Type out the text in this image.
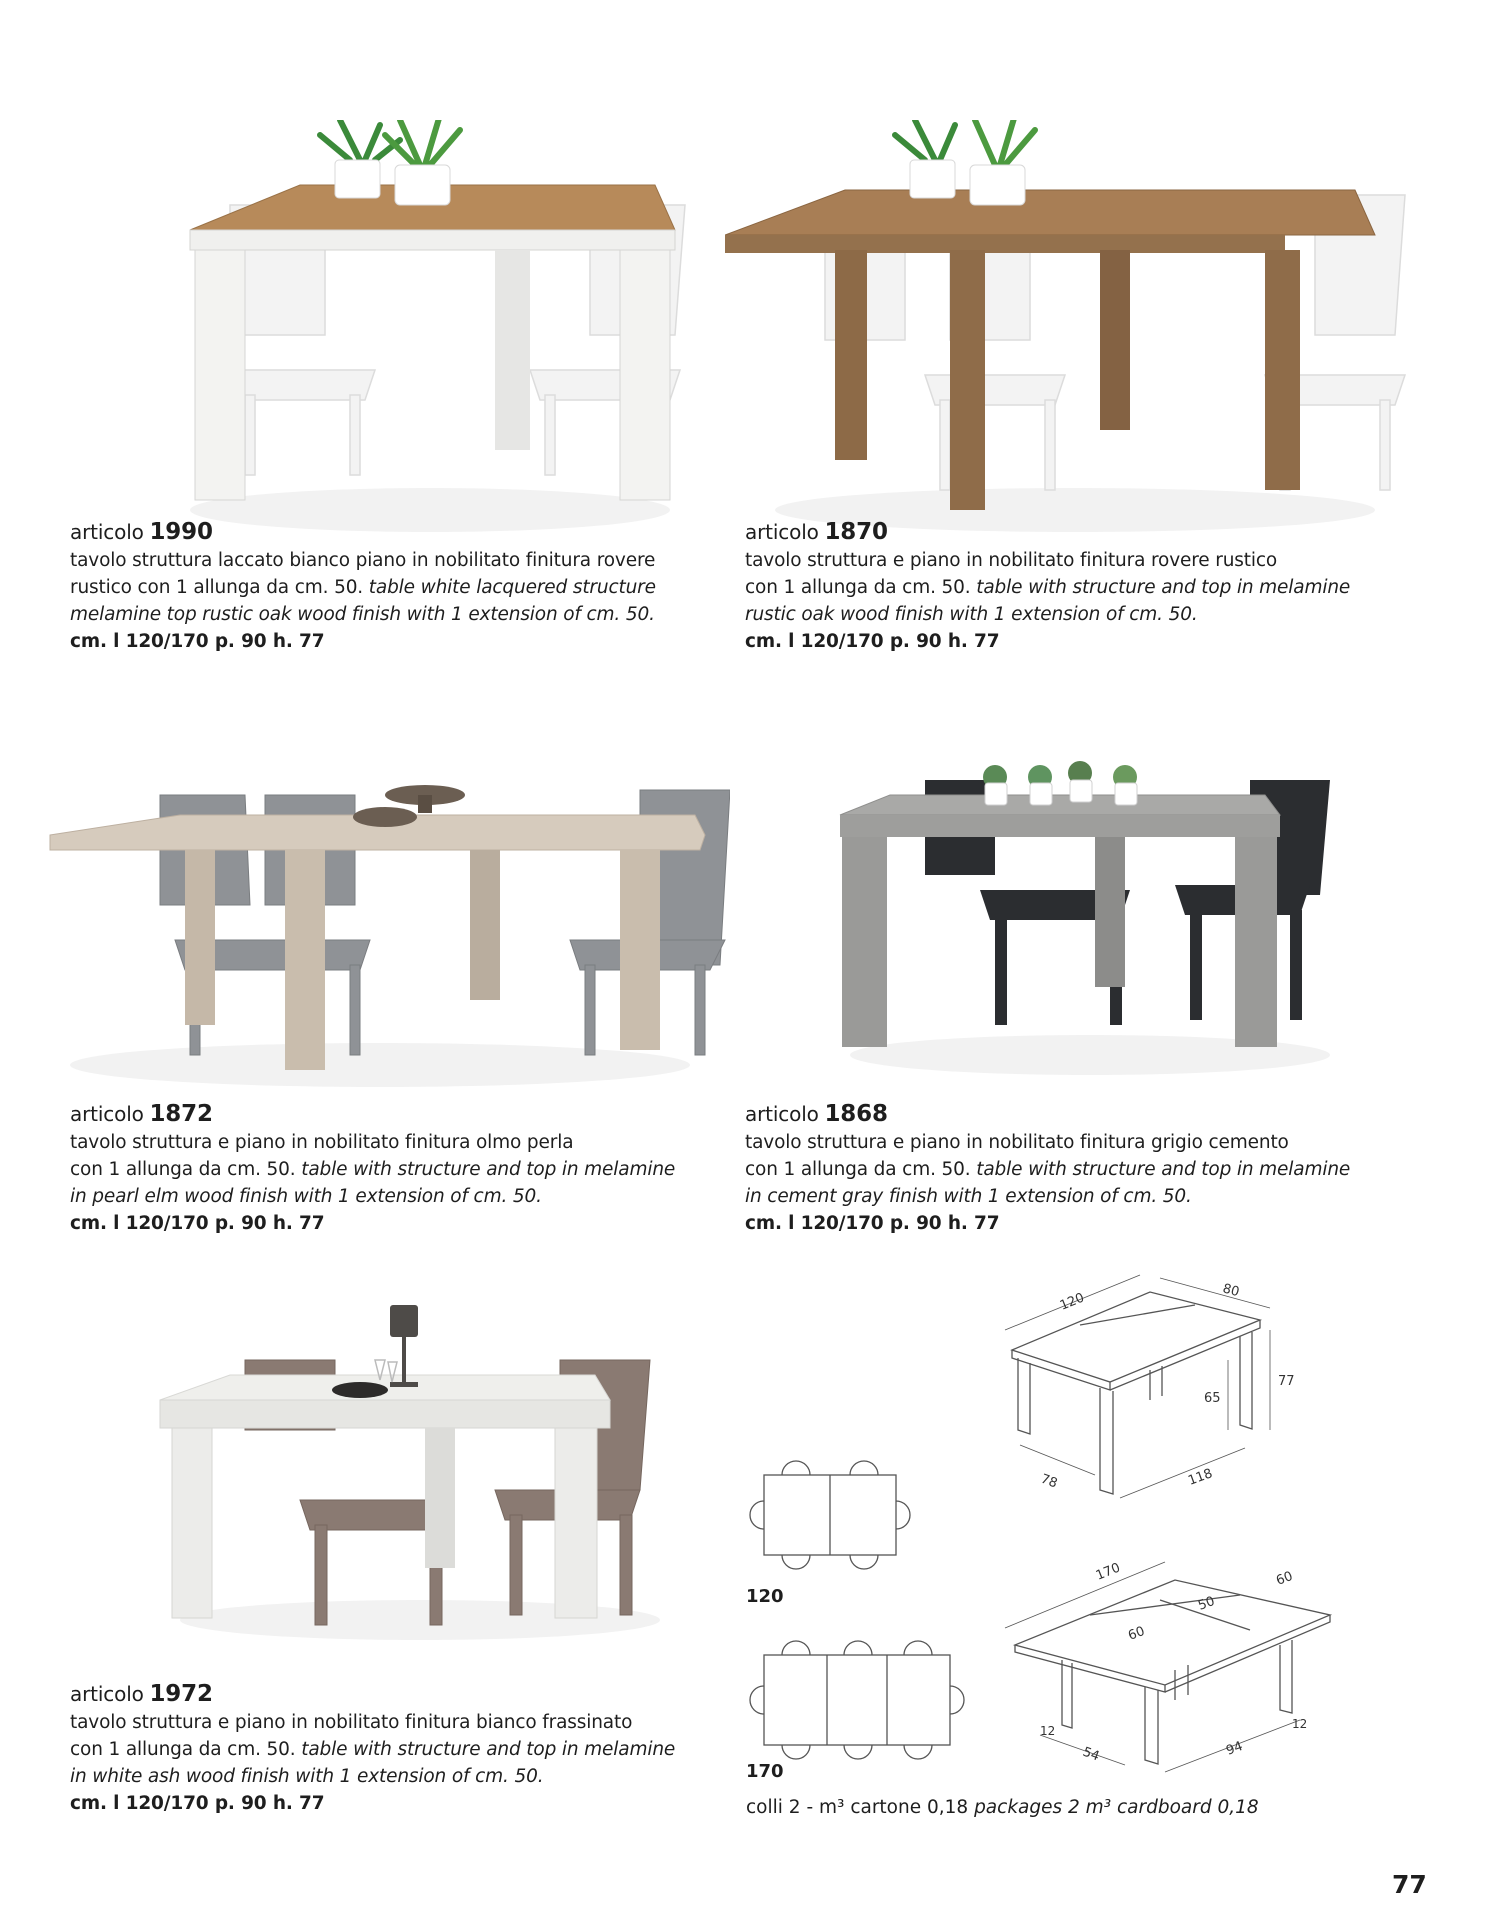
articolo 1990
tavolo struttura laccato bianco piano in nobilitato finitura rovere
rustico con 1 allunga da cm. 50. table white lacquered structure
melamine top rustic oak wood finish with 1 extension of cm. 50.
cm. l 120/170 p. 90 h. 77
articolo 1870
tavolo struttura e piano in nobilitato finitura rovere rustico
con 1 allunga da cm. 50. table with structure and top in melamine
rustic oak wood finish with 1 extension of cm. 50.
cm. l 120/170 p. 90 h. 77
articolo 1872
tavolo struttura e piano in nobilitato finitura olmo perla
con 1 allunga da cm. 50. table with structure and top in melamine
in pearl elm wood finish with 1 extension of cm. 50.
cm. l 120/170 p. 90 h. 77
articolo 1868
tavolo struttura e piano in nobilitato finitura grigio cemento
con 1 allunga da cm. 50. table with structure and top in melamine
in cement gray finish with 1 extension of cm. 50.
cm. l 120/170 p. 90 h. 77
articolo 1972
tavolo struttura e piano in nobilitato finitura bianco frassinato
con 1 allunga da cm. 50. table with structure and top in melamine
in white ash wood finish with 1 extension of cm. 50.
cm. l 120/170 p. 90 h. 77
120	80
77
65
118
78
170
60
50
60
12	12
54	94
120
170
colli 2 - m³ cartone 0,18 packages 2 m³ cardboard 0,18
77
